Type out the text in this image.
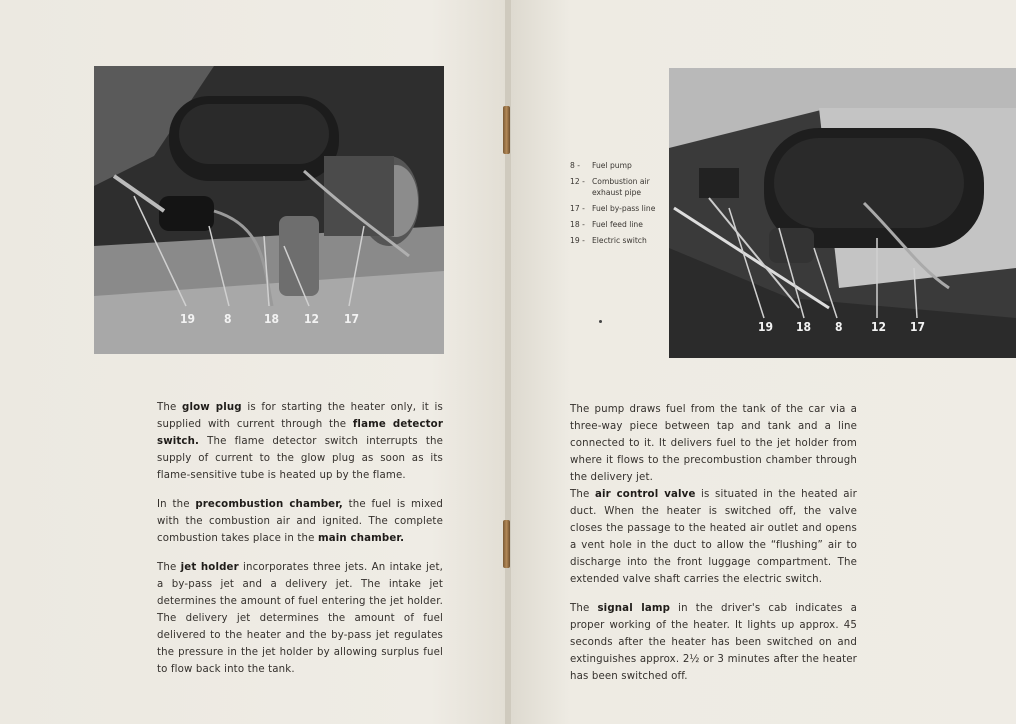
19 8	18 12 17
19 18 8 12 17
8 -	Fuel pump
12 - Combustion air exhaust pipe
17 - Fuel by-pass line
18 - Fuel feed line
19 - Electric switch

The glow plug is for starting the heater only, it is supplied with current through the flame detector switch. The flame detector switch interrupts the supply of current to the glow plug as soon as its flame-sensitive tube is heated up by the flame.

In the precombustion chamber, the fuel is mixed with the combustion air and ignited. The complete combustion takes place in the main chamber.

The jet holder incorporates three jets. An intake jet, a by-pass jet and a delivery jet. The intake jet determines the amount of fuel entering the jet holder. The delivery jet determines the amount of fuel delivered to the heater and the by-pass jet regulates the pressure in the jet holder by allowing surplus fuel to flow back into the tank.

The pump draws fuel from the tank of the car via a three-way piece between tap and tank and a line connected to it. It delivers fuel to the jet holder from where it flows to the precombustion chamber through the delivery jet.

The air control valve is situated in the heated air duct. When the heater is switched off, the valve closes the passage to the heated air outlet and opens a vent hole in the duct to allow the “flushing” air to discharge into the front luggage compartment. The extended valve shaft carries the electric switch.

The signal lamp in the driver's cab indicates a proper working of the heater. It lights up approx. 45 seconds after the heater has been switched on and extinguishes approx. 2½ or 3 minutes after the heater has been switched off.
